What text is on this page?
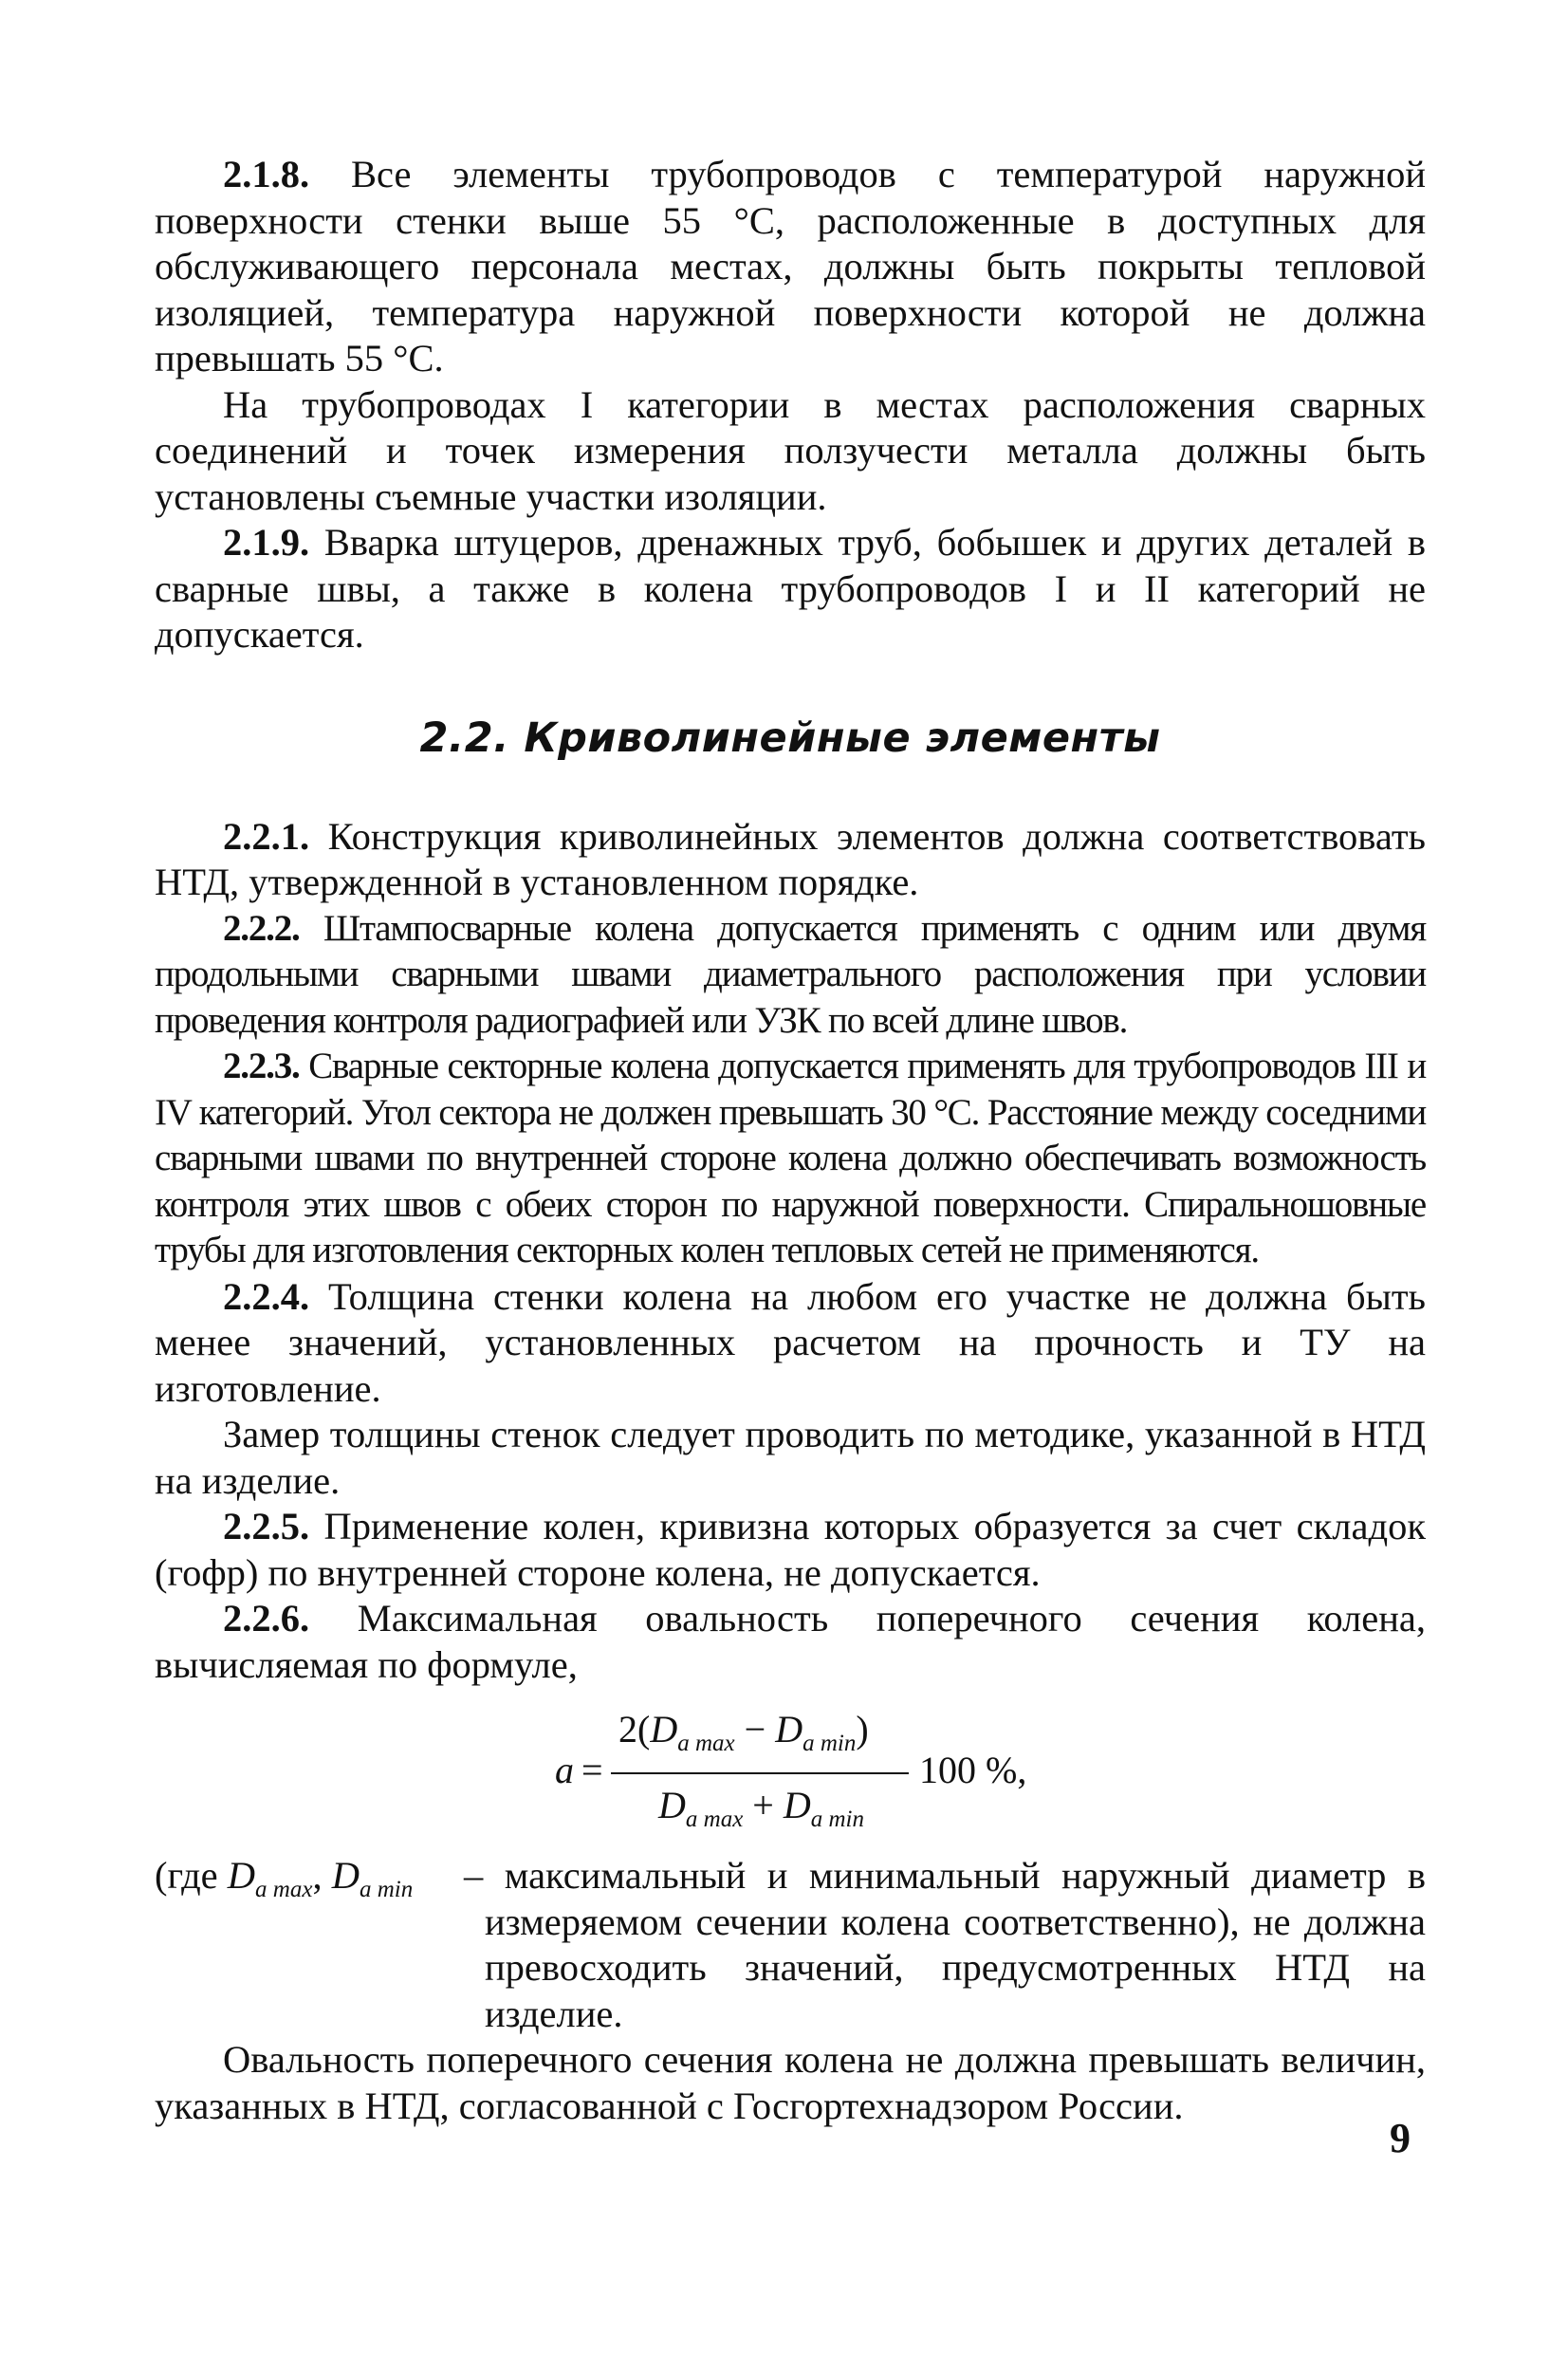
2.1.8. Все элементы трубопроводов с температурой наружной поверхности стенки выше 55 °С, расположенные в доступных для обслуживающего персонала местах, должны быть покрыты тепловой изоляцией, температура наружной поверхности которой не должна превышать 55 °С.

На трубопроводах I категории в местах расположения сварных соединений и точек измерения ползучести металла должны быть установлены съемные участки изоляции.

2.1.9. Вварка штуцеров, дренажных труб, бобышек и других деталей в сварные швы, а также в колена трубопроводов I и II категорий не допускается.

2.2. Криволинейные элементы

2.2.1. Конструкция криволинейных элементов должна соответствовать НТД, утвержденной в установленном порядке.

2.2.2. Штампосварные колена допускается применять с одним или двумя продольными сварными швами диаметрального расположения при условии проведения контроля радиографией или УЗК по всей длине швов.

2.2.3. Сварные секторные колена допускается применять для трубопроводов III и IV категорий. Угол сектора не должен превышать 30 °С. Расстояние между соседними сварными швами по внутренней стороне колена должно обеспечивать возможность контроля этих швов с обеих сторон по наружной поверхности. Спиральношовные трубы для изготовления секторных колен тепловых сетей не применяются.

2.2.4. Толщина стенки колена на любом его участке не должна быть менее значений, установленных расчетом на прочность и ТУ на изготовление.

Замер толщины стенок следует проводить по методике, указанной в НТД на изделие.

2.2.5. Применение колен, кривизна которых образуется за счет складок (гофр) по внутренней стороне колена, не допускается.

2.2.6. Максимальная овальность поперечного сечения колена, вычисляемая по формуле,

a =
$2(D_{a max} - D_{a min})$
$D_{a max} + D_{a min}$
100 %,
(где $D_{a max}$, $D_{a min}$ – максимальный и минимальный наружный диаметр в измеряемом сечении колена соответственно), не должна превосходить значений, предусмотренных НТД на изделие.

Овальность поперечного сечения колена не должна превышать величин, указанных в НТД, согласованной с Госгортехнадзором России.

9
